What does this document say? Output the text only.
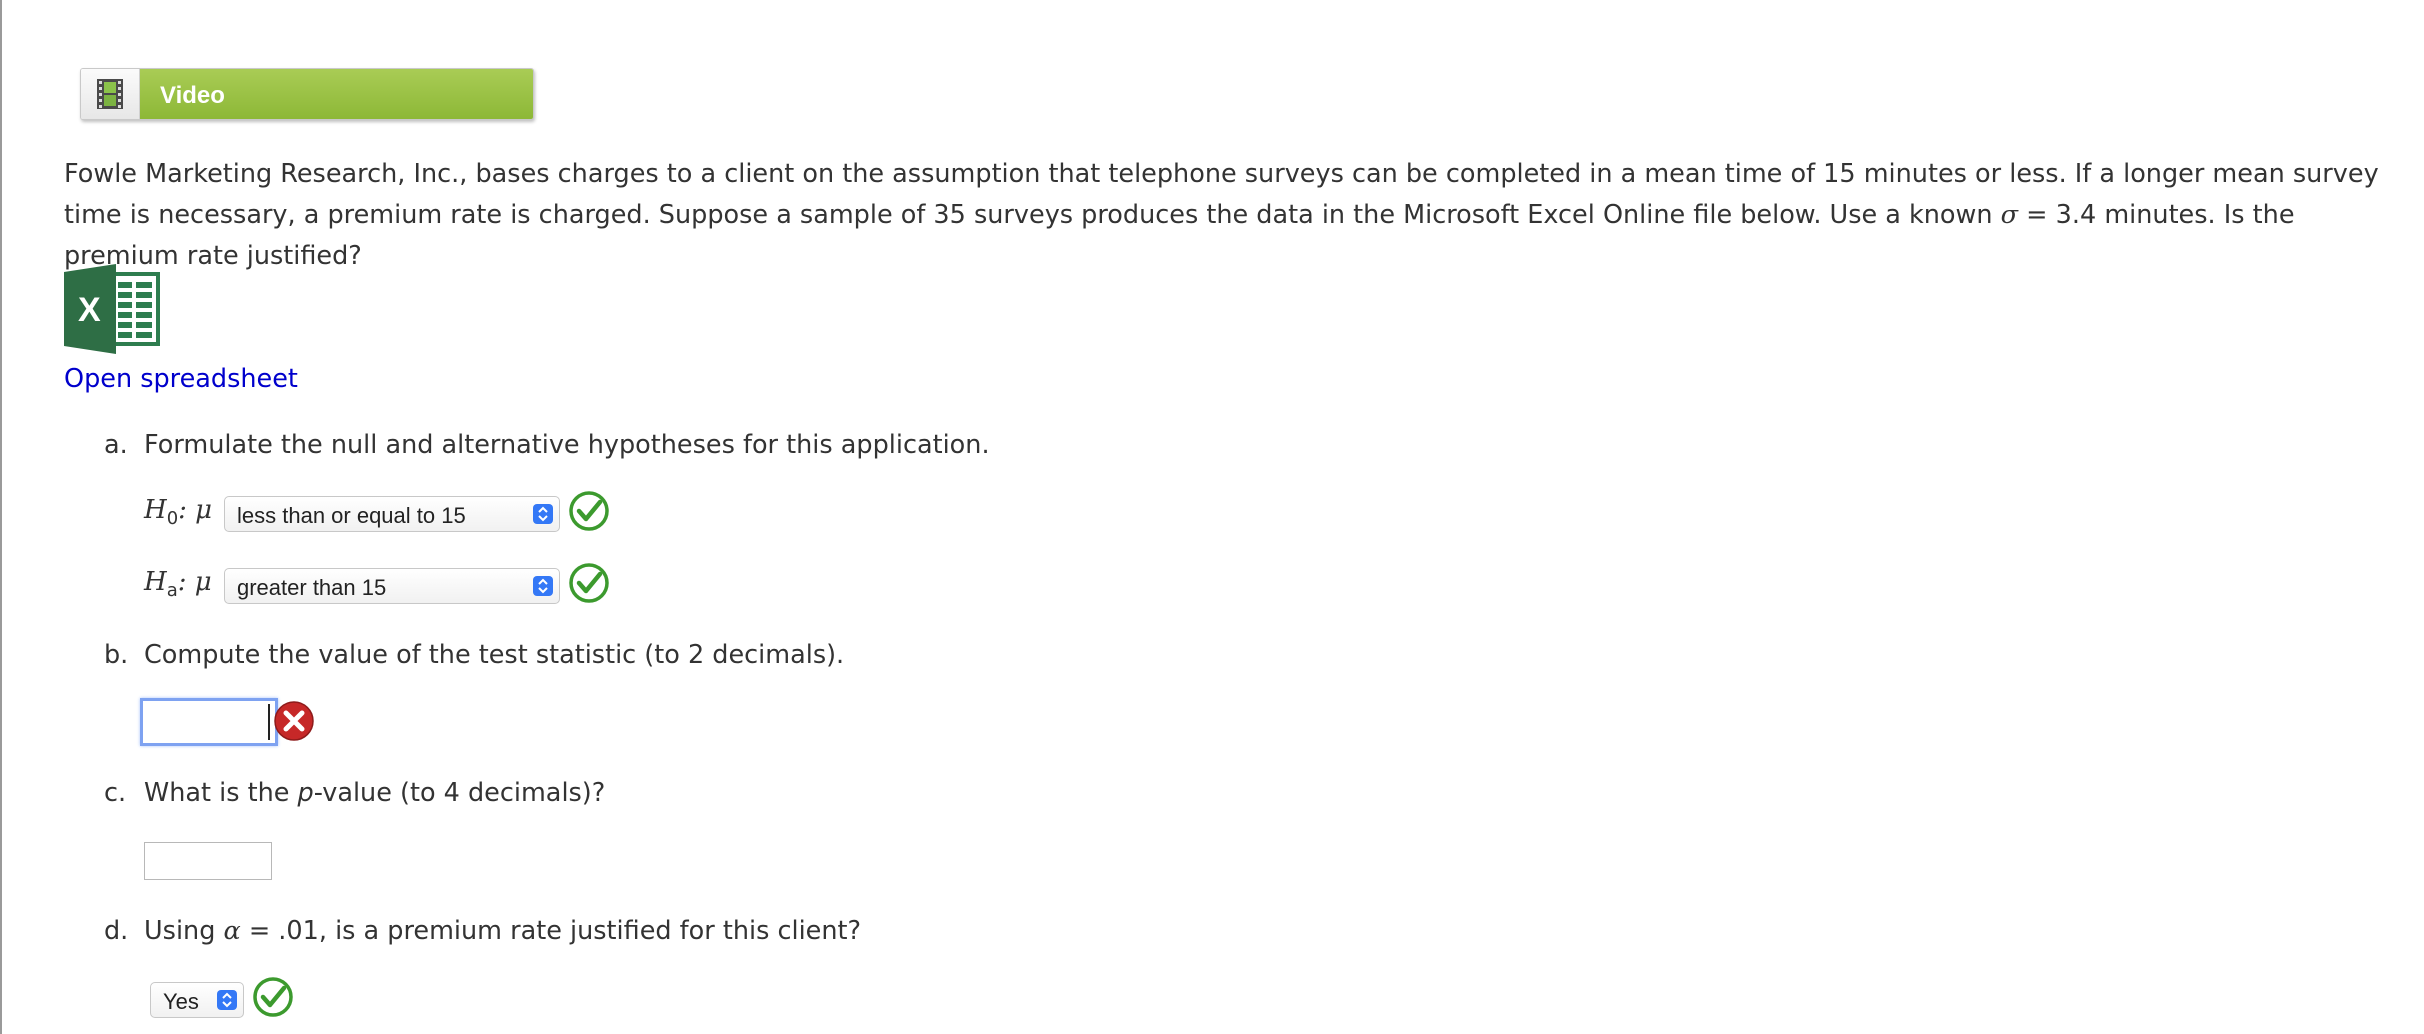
Video
Fowle Marketing Research, Inc., bases charges to a client on the assumption that telephone surveys can be completed in a mean time of 15 minutes or less. If a longer mean survey time is necessary, a premium rate is charged. Suppose a sample of 35 surveys produces the data in the Microsoft Excel Online file below. Use a known σ = 3.4 minutes. Is the premium rate justified?
X
Open spreadsheet
a. Formulate the null and alternative hypotheses for this application.
$H_0$: μ less than or equal to 15
$H_a$: μ greater than 15
b. Compute the value of the test statistic (to 2 decimals).
c. What is the p-value (to 4 decimals)?
d. Using α = .01, is a premium rate justified for this client?
Yes
